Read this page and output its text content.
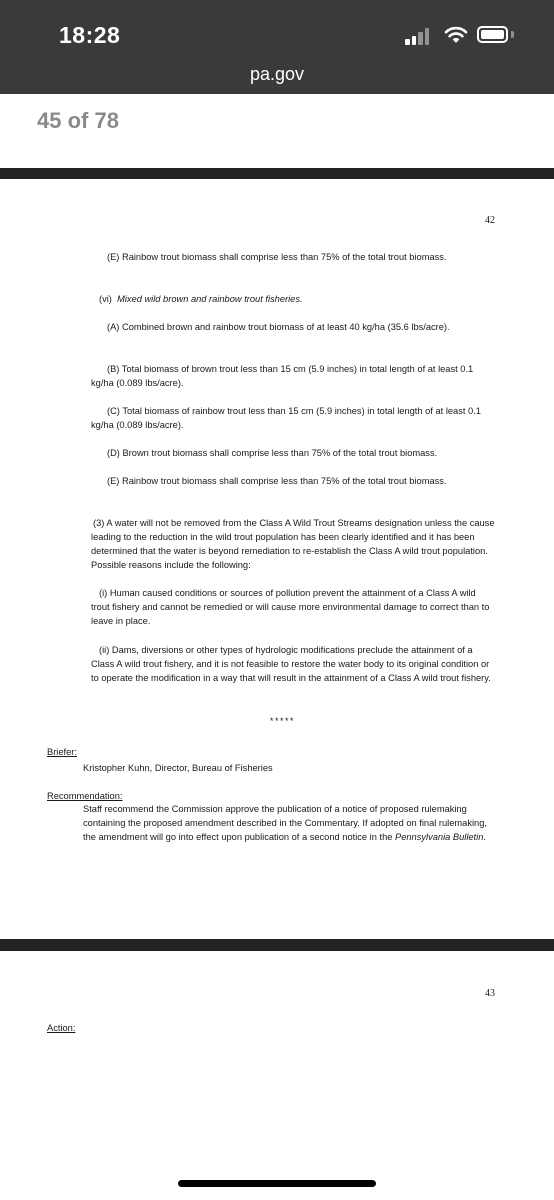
18:28
pa.gov
45 of 78
42
(E) Rainbow trout biomass shall comprise less than 75% of the total trout biomass.
(vi) Mixed wild brown and rainbow trout fisheries.
(A) Combined brown and rainbow trout biomass of at least 40 kg/ha (35.6 lbs/acre).
(B) Total biomass of brown trout less than 15 cm (5.9 inches) in total length of at least 0.1 kg/ha (0.089 lbs/acre).
(C) Total biomass of rainbow trout less than 15 cm (5.9 inches) in total length of at least 0.1 kg/ha (0.089 lbs/acre).
(D) Brown trout biomass shall comprise less than 75% of the total trout biomass.
(E) Rainbow trout biomass shall comprise less than 75% of the total trout biomass.
(3) A water will not be removed from the Class A Wild Trout Streams designation unless the cause leading to the reduction in the wild trout population has been clearly identified and it has been determined that the water is beyond remediation to re-establish the Class A wild trout population. Possible reasons include the following:
(i) Human caused conditions or sources of pollution prevent the attainment of a Class A wild trout fishery and cannot be remedied or will cause more environmental damage to correct than to leave in place.
(ii) Dams, diversions or other types of hydrologic modifications preclude the attainment of a Class A wild trout fishery, and it is not feasible to restore the water body to its original condition or to operate the modification in a way that will result in the attainment of a Class A wild trout fishery.
*****
Briefer:
Kristopher Kuhn, Director, Bureau of Fisheries
Recommendation:
Staff recommend the Commission approve the publication of a notice of proposed rulemaking containing the proposed amendment described in the Commentary. If adopted on final rulemaking, the amendment will go into effect upon publication of a second notice in the Pennsylvania Bulletin.
43
Action:
